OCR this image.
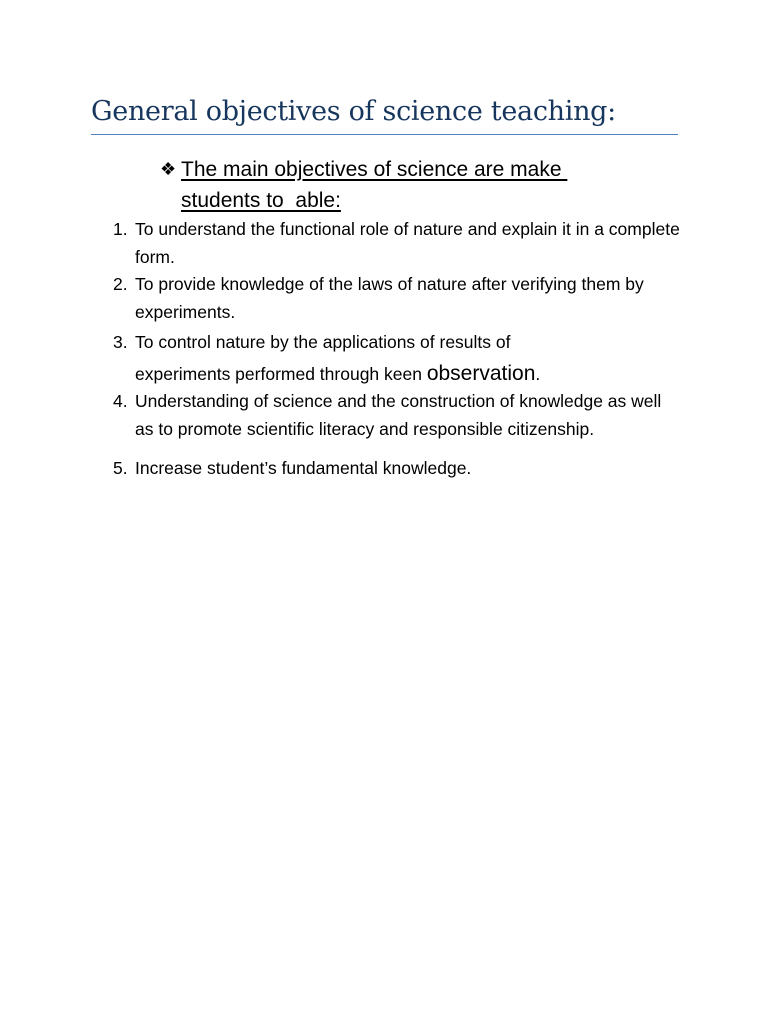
General objectives of science teaching:
❖ The main objectives of science are make students to  able:
1. To understand the functional role of nature and explain it in a complete form.
2. To provide knowledge of the laws of nature after verifying them by experiments.
3. To control nature by the applications of results of
experiments performed through keen observation.
4. Understanding of science and the construction of knowledge as well as to promote scientific literacy and responsible citizenship.
5. Increase student’s fundamental knowledge.
